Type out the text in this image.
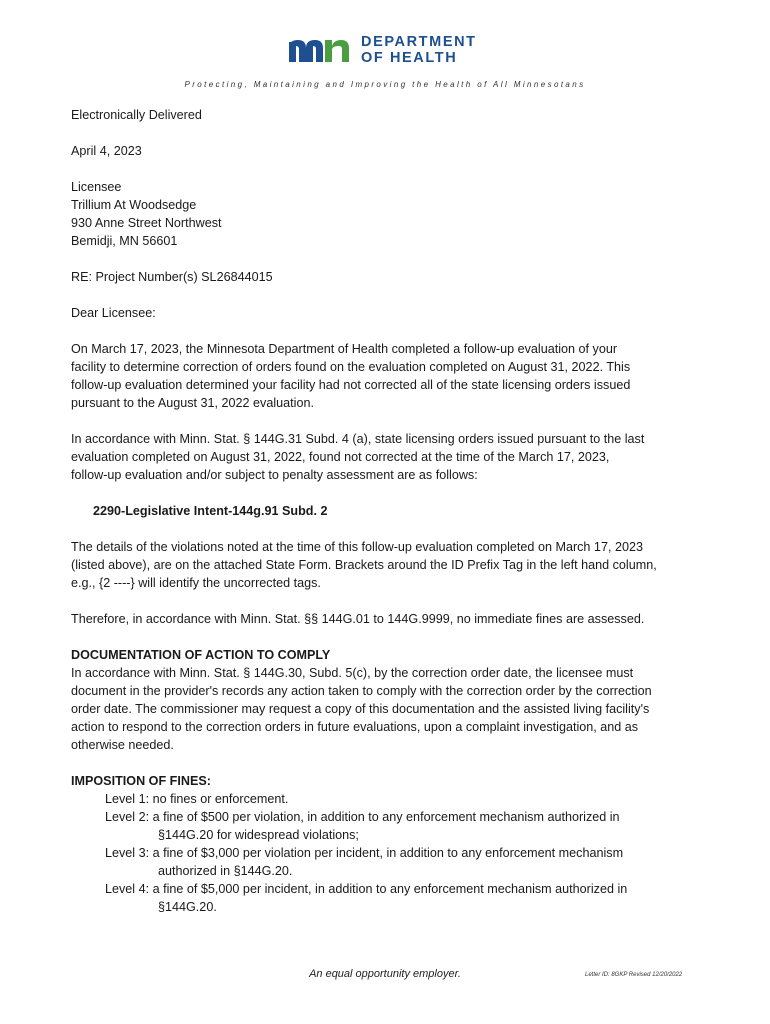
DEPARTMENT
OF HEALTH
Protecting, Maintaining and Improving the Health of All Minnesotans
Electronically Delivered
April 4, 2023
Licensee
Trillium At Woodsedge
930 Anne Street Northwest
Bemidji, MN 56601
RE: Project Number(s) SL26844015
Dear Licensee:
On March 17, 2023, the Minnesota Department of Health completed a follow-up evaluation of your
facility to determine correction of orders found on the evaluation completed on August 31, 2022. This
follow-up evaluation determined your facility had not corrected all of the state licensing orders issued
pursuant to the August 31, 2022 evaluation.
In accordance with Minn. Stat. § 144G.31 Subd. 4 (a), state licensing orders issued pursuant to the last
evaluation completed on August 31, 2022, found not corrected at the time of the March 17, 2023,
follow-up evaluation and/or subject to penalty assessment are as follows:
2290-Legislative Intent-144g.91 Subd. 2
The details of the violations noted at the time of this follow-up evaluation completed on March 17, 2023
(listed above), are on the attached State Form. Brackets around the ID Prefix Tag in the left hand column,
e.g., {2 ----} will identify the uncorrected tags.
Therefore, in accordance with Minn. Stat. §§ 144G.01 to 144G.9999, no immediate fines are assessed.
DOCUMENTATION OF ACTION TO COMPLY
In accordance with Minn. Stat. § 144G.30, Subd. 5(c), by the correction order date, the licensee must
document in the provider's records any action taken to comply with the correction order by the correction
order date. The commissioner may request a copy of this documentation and the assisted living facility's
action to respond to the correction orders in future evaluations, upon a complaint investigation, and as
otherwise needed.
IMPOSITION OF FINES:
Level 1: no fines or enforcement.
Level 2: a fine of $500 per violation, in addition to any enforcement mechanism authorized in
§144G.20 for widespread violations;
Level 3: a fine of $3,000 per violation per incident, in addition to any enforcement mechanism
authorized in §144G.20.
Level 4: a fine of $5,000 per incident, in addition to any enforcement mechanism authorized in
§144G.20.
An equal opportunity employer.	Letter ID: 8GKP Revised 12/20/2022
